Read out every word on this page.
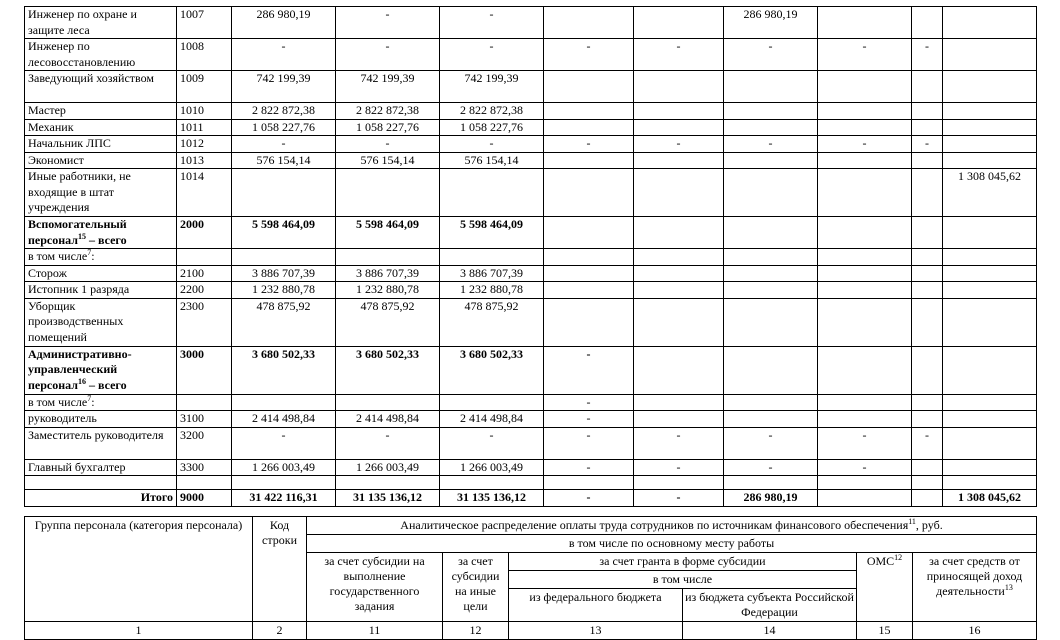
Инженер по охране и защите леса	1007	286 980,19	-	-			286 980,19			
Инженер по лесовосстановлению	1008	-	-	-	-	-	-	-	-	
Заведующий хозяйством	1009	742 199,39	742 199,39	742 199,39						
Мастер	1010	2 822 872,38	2 822 872,38	2 822 872,38						
Механик	1011	1 058 227,76	1 058 227,76	1 058 227,76						
Начальник ЛПС	1012	-	-	-	-	-	-	-	-	
Экономист	1013	576 154,14	576 154,14	576 154,14						
Иные работники, не входящие в штат учреждения	1014									1 308 045,62
Вспомогательный персонал$^{15}$ – всего	2000	5 598 464,09	5 598 464,09	5 598 464,09						
в том числе$^7$:										
Сторож	2100	3 886 707,39	3 886 707,39	3 886 707,39						
Истопник 1 разряда	2200	1 232 880,78	1 232 880,78	1 232 880,78						
Уборщик производственных помещений	2300	478 875,92	478 875,92	478 875,92						
Административно-управленческий персонал$^{16}$ – всего	3000	3 680 502,33	3 680 502,33	3 680 502,33	-					
в том числе$^7$:					-					
руководитель	3100	2 414 498,84	2 414 498,84	2 414 498,84	-					
Заместитель руководителя	3200	-	-	-	-	-	-	-	-	
Главный бухгалтер	3300	1 266 003,49	1 266 003,49	1 266 003,49	-	-	-	-		

Итого	9000	31 422 116,31	31 135 136,12	31 135 136,12	-	-	286 980,19			1 308 045,62
Группа персонала (категория персонала)	Код строки	Аналитическое распределение оплаты труда сотрудников по источникам финансового обеспечения$^{11}$, руб.					
		в том числе по основному месту работы					
		за счет субсидии на выполнение государственного задания	за счет субсидии на иные цели	за счет гранта в форме субсидии		ОМС$^{12}$	за счет средств от приносящей доход деятельности$^{13}$
				в том числе			
				из федерального бюджета	из бюджета субъекта Российской Федерации		
1	2	11	12	13	14	15	16
